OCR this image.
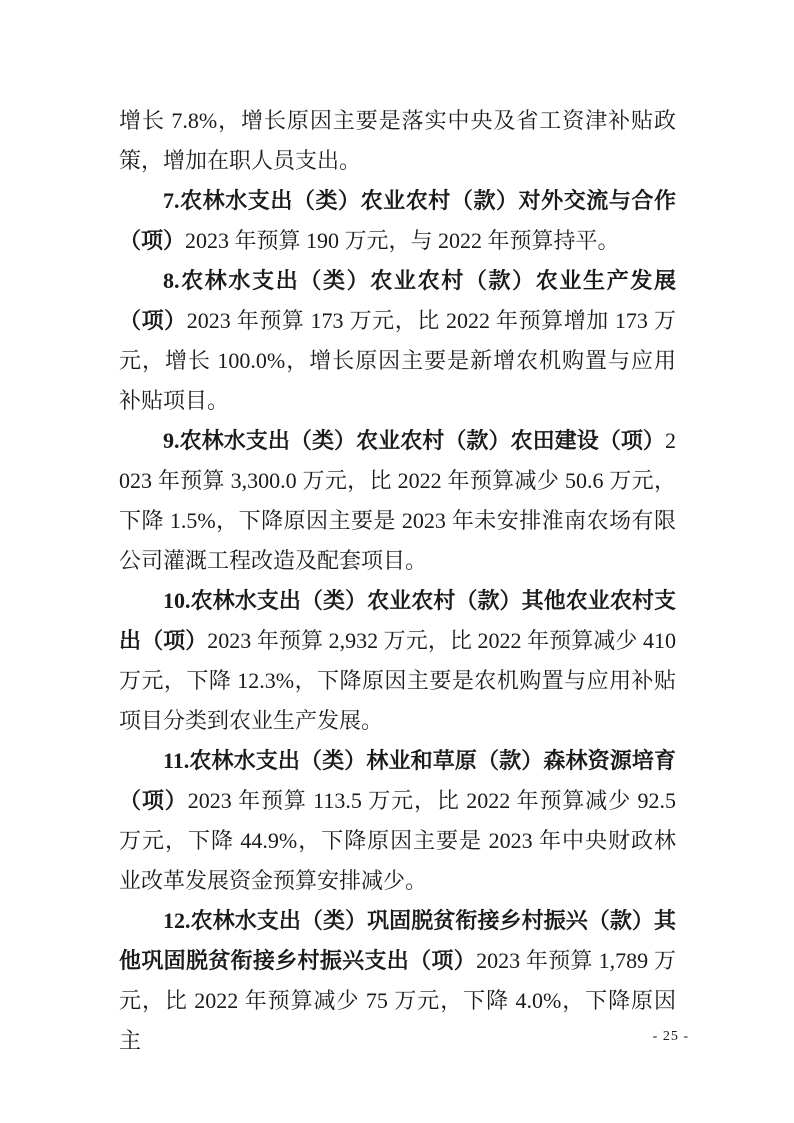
增长 7.8%，增长原因主要是落实中央及省工资津补贴政策，增加在职人员支出。

7.农林水支出（类）农业农村（款）对外交流与合作（项）2023 年预算 190 万元，与 2022 年预算持平。

8.农林水支出（类）农业农村（款）农业生产发展（项）2023 年预算 173 万元，比 2022 年预算增加 173 万元，增长 100.0%，增长原因主要是新增农机购置与应用补贴项目。

9.农林水支出（类）农业农村（款）农田建设（项）2023 年预算 3,300.0 万元，比 2022 年预算减少 50.6 万元，下降 1.5%，下降原因主要是 2023 年未安排淮南农场有限公司灌溉工程改造及配套项目。

10.农林水支出（类）农业农村（款）其他农业农村支出（项）2023 年预算 2,932 万元，比 2022 年预算减少 410 万元，下降 12.3%，下降原因主要是农机购置与应用补贴项目分类到农业生产发展。

11.农林水支出（类）林业和草原（款）森林资源培育（项）2023 年预算 113.5 万元，比 2022 年预算减少 92.5 万元，下降 44.9%，下降原因主要是 2023 年中央财政林业改革发展资金预算安排减少。

12.农林水支出（类）巩固脱贫衔接乡村振兴（款）其他巩固脱贫衔接乡村振兴支出（项）2023 年预算 1,789 万元，比 2022 年预算减少 75 万元，下降 4.0%，下降原因主	- 25 -
